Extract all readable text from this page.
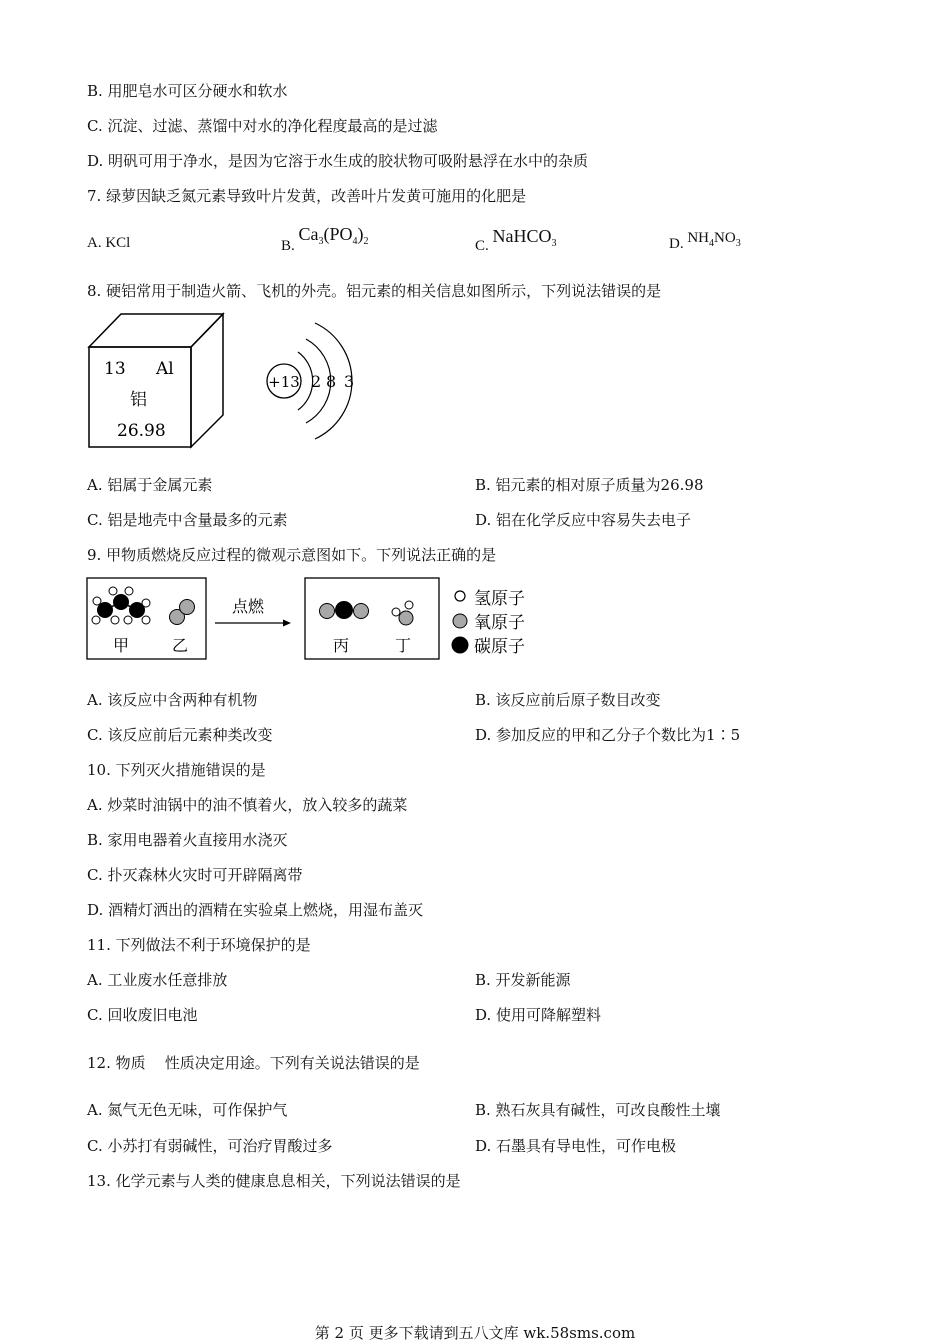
B. 用肥皂水可区分硬水和软水
C. 沉淀、过滤、蒸馏中对水的净化程度最高的是过滤
D. 明矾可用于净水，是因为它溶于水生成的胶状物可吸附悬浮在水中的杂质
7. 绿萝因缺乏氮元素导致叶片发黄，改善叶片发黄可施用的化肥是
A. KCl	B. $Ca_3(PO_4)_2$	C. NaHCO$_3$	D. $NH_4NO_3$
8. 硬铝常用于制造火箭、飞机的外壳。铝元素的相关信息如图所示，下列说法错误的是
13 Al
铝
26.98
+13 2 8 3
A. 铝属于金属元素	B. 铝元素的相对原子质量为26.98
C. 铝是地壳中含量最多的元素	D. 铝在化学反应中容易失去电子
9. 甲物质燃烧反应过程的微观示意图如下。下列说法正确的是
甲	乙
点燃
丙	丁
氢原子
氧原子
碳原子
A. 该反应中含两种有机物	B. 该反应前后原子数目改变
C. 该反应前后元素种类改变	D. 参加反应的甲和乙分子个数比为1∶5
10. 下列灭火措施错误的是
A. 炒菜时油锅中的油不慎着火，放入较多的蔬菜
B. 家用电器着火直接用水浇灭
C. 扑灭森林火灾时可开辟隔离带
D. 酒精灯洒出的酒精在实验桌上燃烧，用湿布盖灭
11. 下列做法不利于环境保护的是
A. 工业废水任意排放	B. 开发新能源
C. 回收废旧电池	D. 使用可降解塑料
12. 物质    性质决定用途。下列有关说法错误的是
A. 氮气无色无味，可作保护气	B. 熟石灰具有碱性，可改良酸性土壤
C. 小苏打有弱碱性，可治疗胃酸过多	D. 石墨具有导电性，可作电极
13. 化学元素与人类的健康息息相关，下列说法错误的是
第 2 页 更多下载请到五八文库 wk.58sms.com
